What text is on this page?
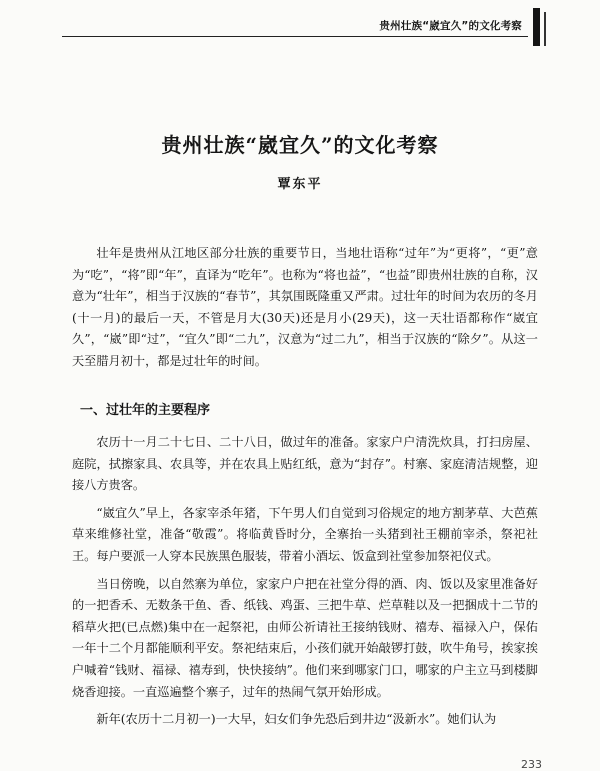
贵州壮族“崴宜久”的文化考察
贵州壮族“崴宜久”的文化考察
覃东平

壮年是贵州从江地区部分壮族的重要节日，当地壮语称“过年”为“更将”，“更”意为“吃”，“将”即“年”，直译为“吃年”。也称为“将也益”，“也益”即贵州壮族的自称，汉意为“壮年”，相当于汉族的“春节”，其氛围既隆重又严肃。过壮年的时间为农历的冬月(十一月)的最后一天，不管是月大(30天)还是月小(29天)，这一天壮语都称作“崴宜久”，“崴”即“过”，“宜久”即“二九”，汉意为“过二九”，相当于汉族的“除夕”。从这一天至腊月初十，都是过壮年的时间。

一、过壮年的主要程序

农历十一月二十七日、二十八日，做过年的准备。家家户户清洗炊具，打扫房屋、庭院，拭擦家具、农具等，并在农具上贴红纸，意为“封存”。村寨、家庭清洁规整，迎接八方贵客。

“崴宜久”早上，各家宰杀年猪，下午男人们自觉到习俗规定的地方割茅草、大芭蕉草来维修社堂，准备“敬霞”。将临黄昏时分，全寨抬一头猪到社王棚前宰杀，祭祀社王。每户要派一人穿本民族黑色服装，带着小酒坛、饭盒到社堂参加祭祀仪式。

当日傍晚，以自然寨为单位，家家户户把在社堂分得的酒、肉、饭以及家里准备好的一把香禾、无数条干鱼、香、纸钱、鸡蛋、三把牛草、烂草鞋以及一把捆成十二节的稻草火把(已点燃)集中在一起祭祀，由师公祈请社王接纳钱财、禧寿、福禄入户，保佑一年十二个月都能顺利平安。祭祀结束后，小孩们就开始敲锣打鼓，吹牛角号，挨家挨户喊着“钱财、福禄、禧寿到，快快接纳”。他们来到哪家门口，哪家的户主立马到楼脚烧香迎接。一直巡遍整个寨子，过年的热闹气氛开始形成。

新年(农历十二月初一)一大早，妇女们争先恐后到井边“汲新水”。她们认为

233
